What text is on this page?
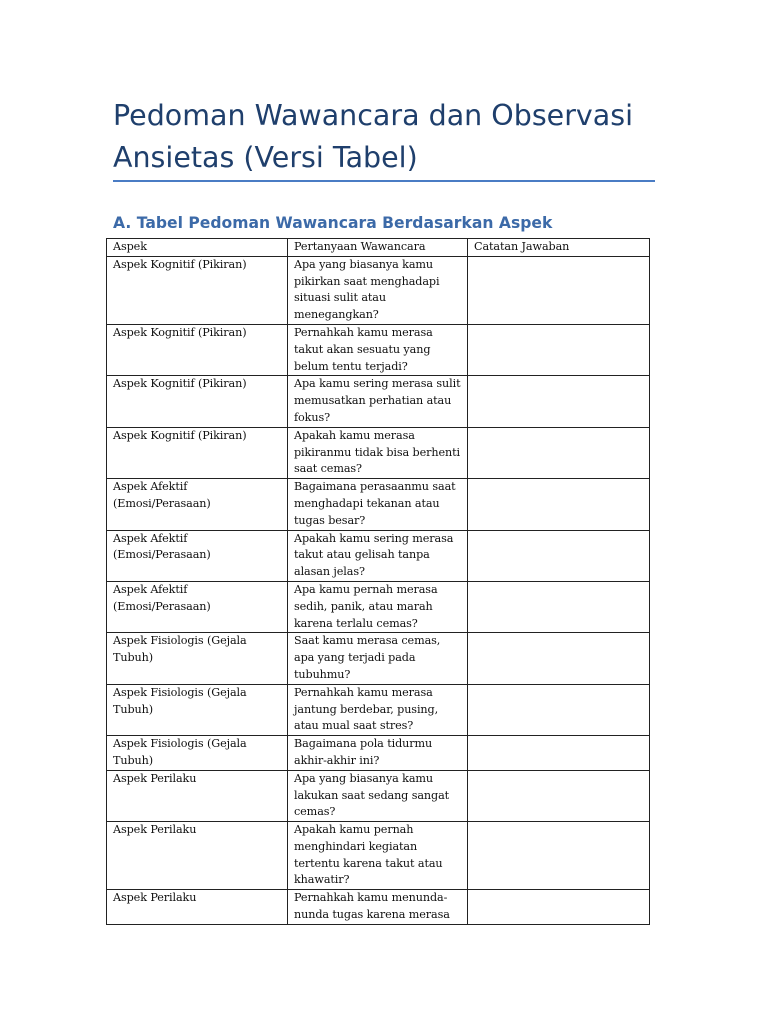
Pedoman Wawancara dan Observasi Ansietas (Versi Tabel)
A. Tabel Pedoman Wawancara Berdasarkan Aspek
Aspek	Pertanyaan Wawancara	Catatan Jawaban
Aspek Kognitif (Pikiran)	Apa yang biasanya kamu pikirkan saat menghadapi situasi sulit atau menegangkan?	
Aspek Kognitif (Pikiran)	Pernahkah kamu merasa takut akan sesuatu yang belum tentu terjadi?	
Aspek Kognitif (Pikiran)	Apa kamu sering merasa sulit memusatkan perhatian atau fokus?	
Aspek Kognitif (Pikiran)	Apakah kamu merasa pikiranmu tidak bisa berhenti saat cemas?	
Aspek Afektif (Emosi/Perasaan)	Bagaimana perasaanmu saat menghadapi tekanan atau tugas besar?	
Aspek Afektif (Emosi/Perasaan)	Apakah kamu sering merasa takut atau gelisah tanpa alasan jelas?	
Aspek Afektif (Emosi/Perasaan)	Apa kamu pernah merasa sedih, panik, atau marah karena terlalu cemas?	
Aspek Fisiologis (Gejala Tubuh)	Saat kamu merasa cemas, apa yang terjadi pada tubuhmu?	
Aspek Fisiologis (Gejala Tubuh)	Pernahkah kamu merasa jantung berdebar, pusing, atau mual saat stres?	
Aspek Fisiologis (Gejala Tubuh)	Bagaimana pola tidurmu akhir-akhir ini?	
Aspek Perilaku	Apa yang biasanya kamu lakukan saat sedang sangat cemas?	
Aspek Perilaku	Apakah kamu pernah menghindari kegiatan tertentu karena takut atau khawatir?	
Aspek Perilaku	Pernahkah kamu menunda-nunda tugas karena merasa	
